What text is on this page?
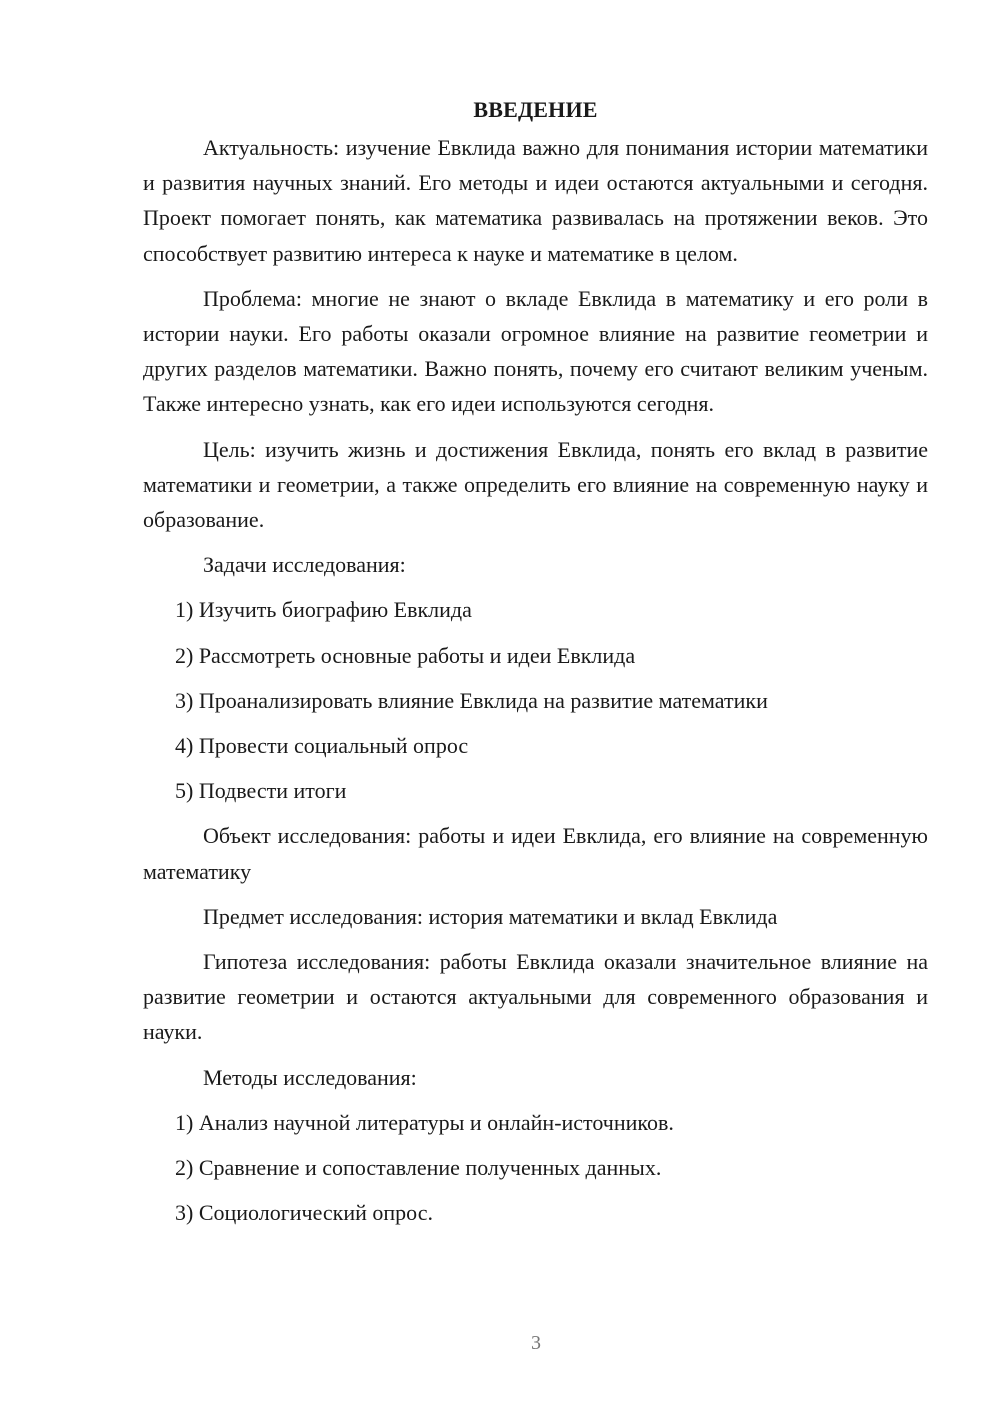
ВВЕДЕНИЕ

Актуальность: изучение Евклида важно для понимания истории математики и развития научных знаний. Его методы и идеи остаются актуальными и сегодня. Проект помогает понять, как математика развивалась на протяжении веков. Это способствует развитию интереса к науке и математике в целом.

Проблема: многие не знают о вкладе Евклида в математику и его роли в истории науки. Его работы оказали огромное влияние на развитие геометрии и других разделов математики. Важно понять, почему его считают великим ученым. Также интересно узнать, как его идеи используются сегодня.

Цель: изучить жизнь и достижения Евклида, понять его вклад в развитие математики и геометрии, а также определить его влияние на современную науку и образование.

Задачи исследования:

1) Изучить биографию Евклида
2) Рассмотреть основные работы и идеи Евклида
3) Проанализировать влияние Евклида на развитие математики
4) Провести социальный опрос
5) Подвести итоги

Объект исследования: работы и идеи Евклида, его влияние на современную математику

Предмет исследования: история математики и вклад Евклида

Гипотеза исследования: работы Евклида оказали значительное влияние на развитие геометрии и остаются актуальными для современного образования и науки.

Методы исследования:

1) Анализ научной литературы и онлайн-источников.
2) Сравнение и сопоставление полученных данных.
3) Социологический опрос.
3
